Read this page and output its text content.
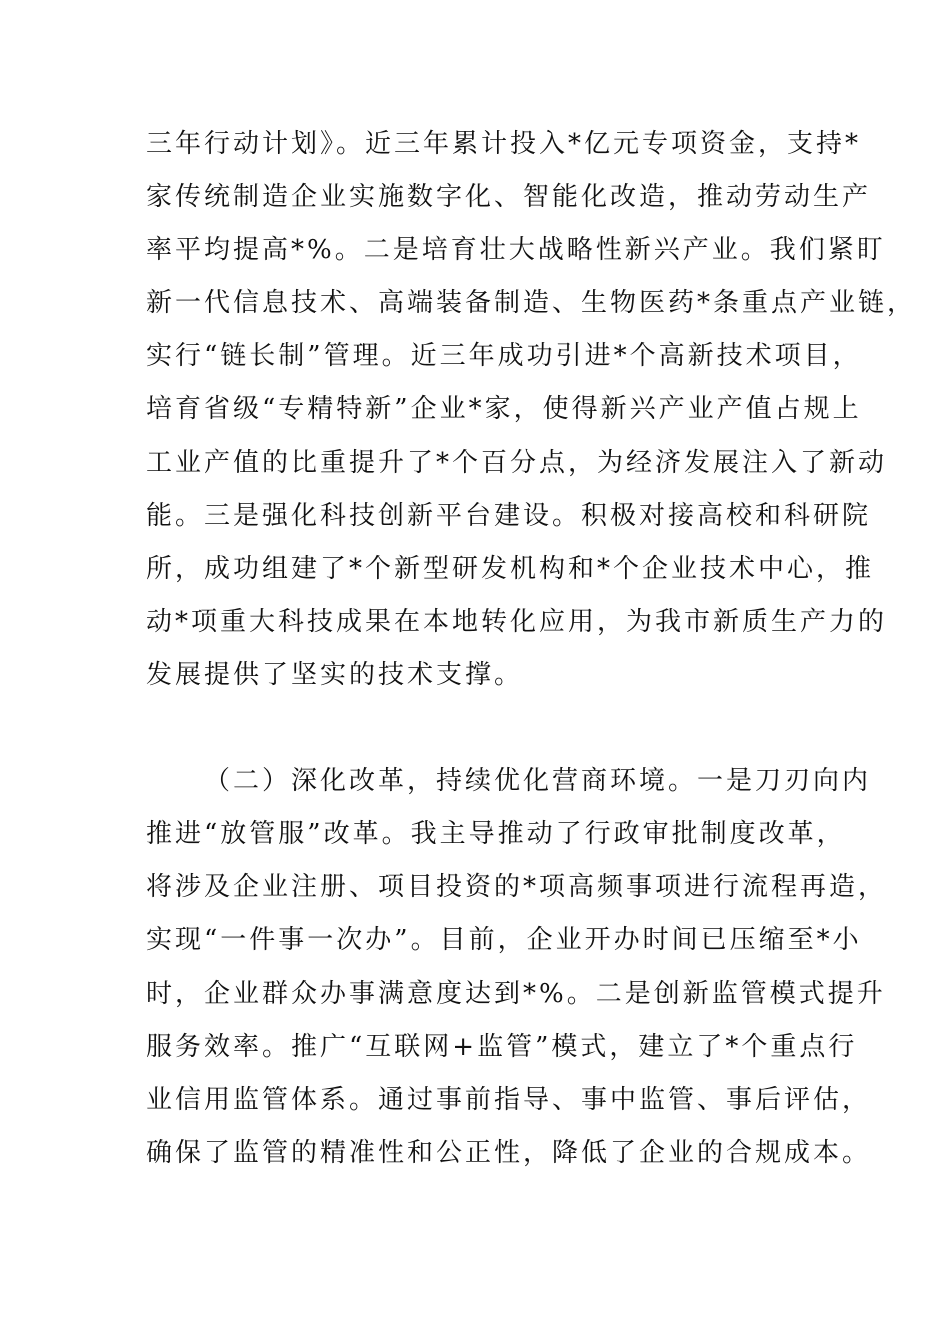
三年行动计划》。近三年累计投入*亿元专项资金，支持*
家传统制造企业实施数字化、智能化改造，推动劳动生产
率平均提高*%。二是培育壮大战略性新兴产业。我们紧盯
新一代信息技术、高端装备制造、生物医药*条重点产业链，
实行“链长制”管理。近三年成功引进*个高新技术项目，
培育省级“专精特新”企业*家，使得新兴产业产值占规上
工业产值的比重提升了*个百分点，为经济发展注入了新动
能。三是强化科技创新平台建设。积极对接高校和科研院
所，成功组建了*个新型研发机构和*个企业技术中心，推
动*项重大科技成果在本地转化应用，为我市新质生产力的
发展提供了坚实的技术支撑。
（二）深化改革，持续优化营商环境。一是刀刃向内
推进“放管服”改革。我主导推动了行政审批制度改革，
将涉及企业注册、项目投资的*项高频事项进行流程再造，
实现“一件事一次办”。目前，企业开办时间已压缩至*小
时，企业群众办事满意度达到*%。二是创新监管模式提升
服务效率。推广“互联网+监管”模式，建立了*个重点行
业信用监管体系。通过事前指导、事中监管、事后评估，
确保了监管的精准性和公正性，降低了企业的合规成本。
